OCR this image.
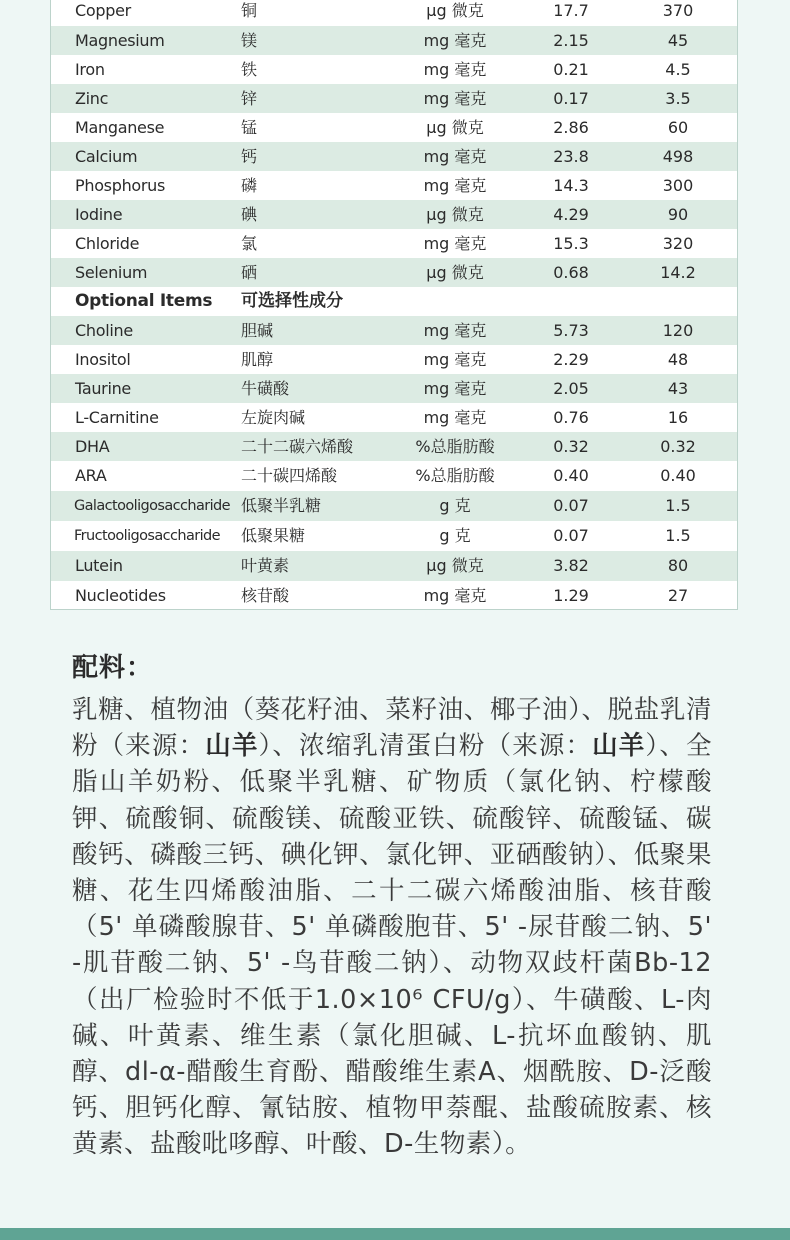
Copper	铜	μg 微克	17.7	370
Magnesium	镁	mg 毫克	2.15	45
Iron	铁	mg 毫克	0.21	4.5
Zinc	锌	mg 毫克	0.17	3.5
Manganese	锰	μg 微克	2.86	60
Calcium	钙	mg 毫克	23.8	498
Phosphorus	磷	mg 毫克	14.3	300
Iodine	碘	μg 微克	4.29	90
Chloride	氯	mg 毫克	15.3	320
Selenium	硒	μg 微克	0.68	14.2
Optional Items 可选择性成分
Choline	胆碱	mg 毫克	5.73	120
Inositol	肌醇	mg 毫克	2.29	48
Taurine	牛磺酸	mg 毫克	2.05	43
L-Carnitine	左旋肉碱	mg 毫克	0.76	16
DHA	二十二碳六烯酸	%总脂肪酸	0.32	0.32
ARA	二十碳四烯酸	%总脂肪酸	0.40	0.40
Galactooligosaccharide 低聚半乳糖	g 克	0.07	1.5
Fructooligosaccharide 低聚果糖	g 克	0.07	1.5
Lutein	叶黄素	μg 微克	3.82	80
Nucleotides	核苷酸	mg 毫克	1.29	27
配料：
乳糖、植物油（葵花籽油、菜籽油、椰子油）、脱盐乳清粉（来源：山羊）、浓缩乳清蛋白粉（来源：山羊）、全脂山羊奶粉、低聚半乳糖、矿物质（氯化钠、柠檬酸钾、硫酸铜、硫酸镁、硫酸亚铁、硫酸锌、硫酸锰、碳酸钙、磷酸三钙、碘化钾、氯化钾、亚硒酸钠）、低聚果糖、花生四烯酸油脂、二十二碳六烯酸油脂、核苷酸（5' 单磷酸腺苷、5' 单磷酸胞苷、5' -尿苷酸二钠、5' -肌苷酸二钠、5' -鸟苷酸二钠）、动物双歧杆菌Bb-12（出厂检验时不低于1.0×10⁶ CFU/g）、牛磺酸、L-肉碱、叶黄素、维生素（氯化胆碱、L-抗坏血酸钠、肌醇、dl-α-醋酸生育酚、醋酸维生素A、烟酰胺、D-泛酸钙、胆钙化醇、氰钴胺、植物甲萘醌、盐酸硫胺素、核黄素、盐酸吡哆醇、叶酸、D-生物素）。
